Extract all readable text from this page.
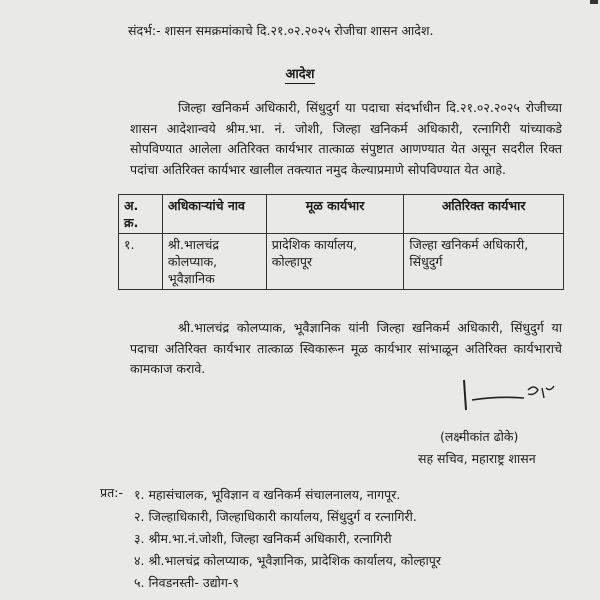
संदर्भ:- शासन समक्रमांकाचे दि.२१.०२.२०२५ रोजीचा शासन आदेश.
आदेश
जिल्हा खनिकर्म अधिकारी, सिंधुदुर्ग या पदाचा संदर्भाधीन दि.२१.०२.२०२५ रोजीच्या शासन आदेशान्वये श्रीम.भा. नं. जोशी, जिल्हा खनिकर्म अधिकारी, रत्नागिरी यांच्याकडे सोपविण्यात आलेला अतिरिक्त कार्यभार तात्काळ संपुष्टात आणण्यात येत असून सदरील रिक्त पदांचा अतिरिक्त कार्यभार खालील तक्त्यात नमुद केल्याप्रमाणे सोपविण्यात येत आहे.
अ. क्र.	अधिकाऱ्यांचे नाव	मूळ कार्यभार	अतिरिक्त कार्यभार
१.	श्री.भालचंद्र कोलप्याक, भूवैज्ञानिक	प्रादेशिक कार्यालय, कोल्हापूर	जिल्हा खनिकर्म अधिकारी, सिंधुदुर्ग
श्री.भालचंद्र कोलप्याक, भूवैज्ञानिक यांनी जिल्हा खनिकर्म अधिकारी, सिंधुदुर्ग या पदाचा अतिरिक्त कार्यभार तात्काळ स्विकारून मूळ कार्यभार सांभाळून अतिरिक्त कार्यभाराचे कामकाज करावे.
(लक्ष्मीकांत ढोके)
सह सचिव, महाराष्ट्र शासन
प्रत:- १. महासंचालक, भूविज्ञान व खनिकर्म संचालनालय, नागपूर.
२. जिल्हाधिकारी, जिल्हाधिकारी कार्यालय, सिंधुदुर्ग व रत्नागिरी.
३. श्रीम.भा.नं.जोशी, जिल्हा खनिकर्म अधिकारी, रत्नागिरी
४. श्री.भालचंद्र कोलप्याक, भूवैज्ञानिक, प्रादेशिक कार्यालय, कोल्हापूर
५. निवडनस्ती- उद्योग-९
